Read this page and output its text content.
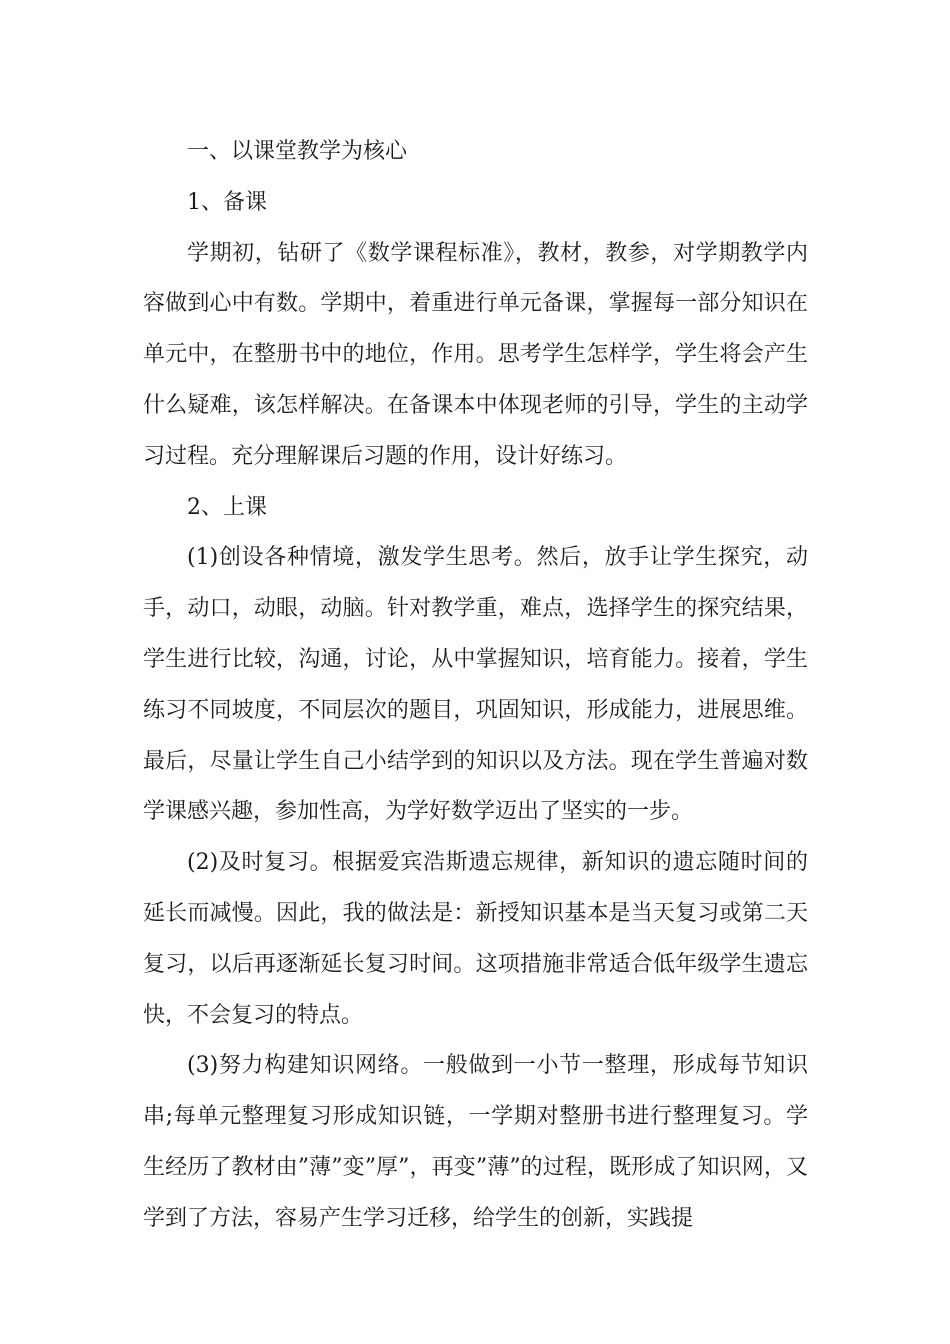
一、以课堂教学为核心

1、备课

学期初，钻研了《数学课程标准》，教材，教参，对学期教学内容做到心中有数。学期中，着重进行单元备课，掌握每一部分知识在单元中，在整册书中的地位，作用。思考学生怎样学，学生将会产生什么疑难，该怎样解决。在备课本中体现老师的引导，学生的主动学习过程。充分理解课后习题的作用，设计好练习。

2、上课

(1)创设各种情境，激发学生思考。然后，放手让学生探究，动手，动口，动眼，动脑。针对教学重，难点，选择学生的探究结果，学生进行比较，沟通，讨论，从中掌握知识，培育能力。接着，学生练习不同坡度，不同层次的题目，巩固知识，形成能力，进展思维。最后，尽量让学生自己小结学到的知识以及方法。现在学生普遍对数学课感兴趣，参加性高，为学好数学迈出了坚实的一步。

(2)及时复习。根据爱宾浩斯遗忘规律，新知识的遗忘随时间的延长而减慢。因此，我的做法是：新授知识基本是当天复习或第二天复习，以后再逐渐延长复习时间。这项措施非常适合低年级学生遗忘快，不会复习的特点。

(3)努力构建知识网络。一般做到一小节一整理，形成每节知识串;每单元整理复习形成知识链，一学期对整册书进行整理复习。学生经历了教材由”薄”变”厚”，再变”薄”的过程，既形成了知识网，又学到了方法，容易产生学习迁移，给学生的创新，实践提
